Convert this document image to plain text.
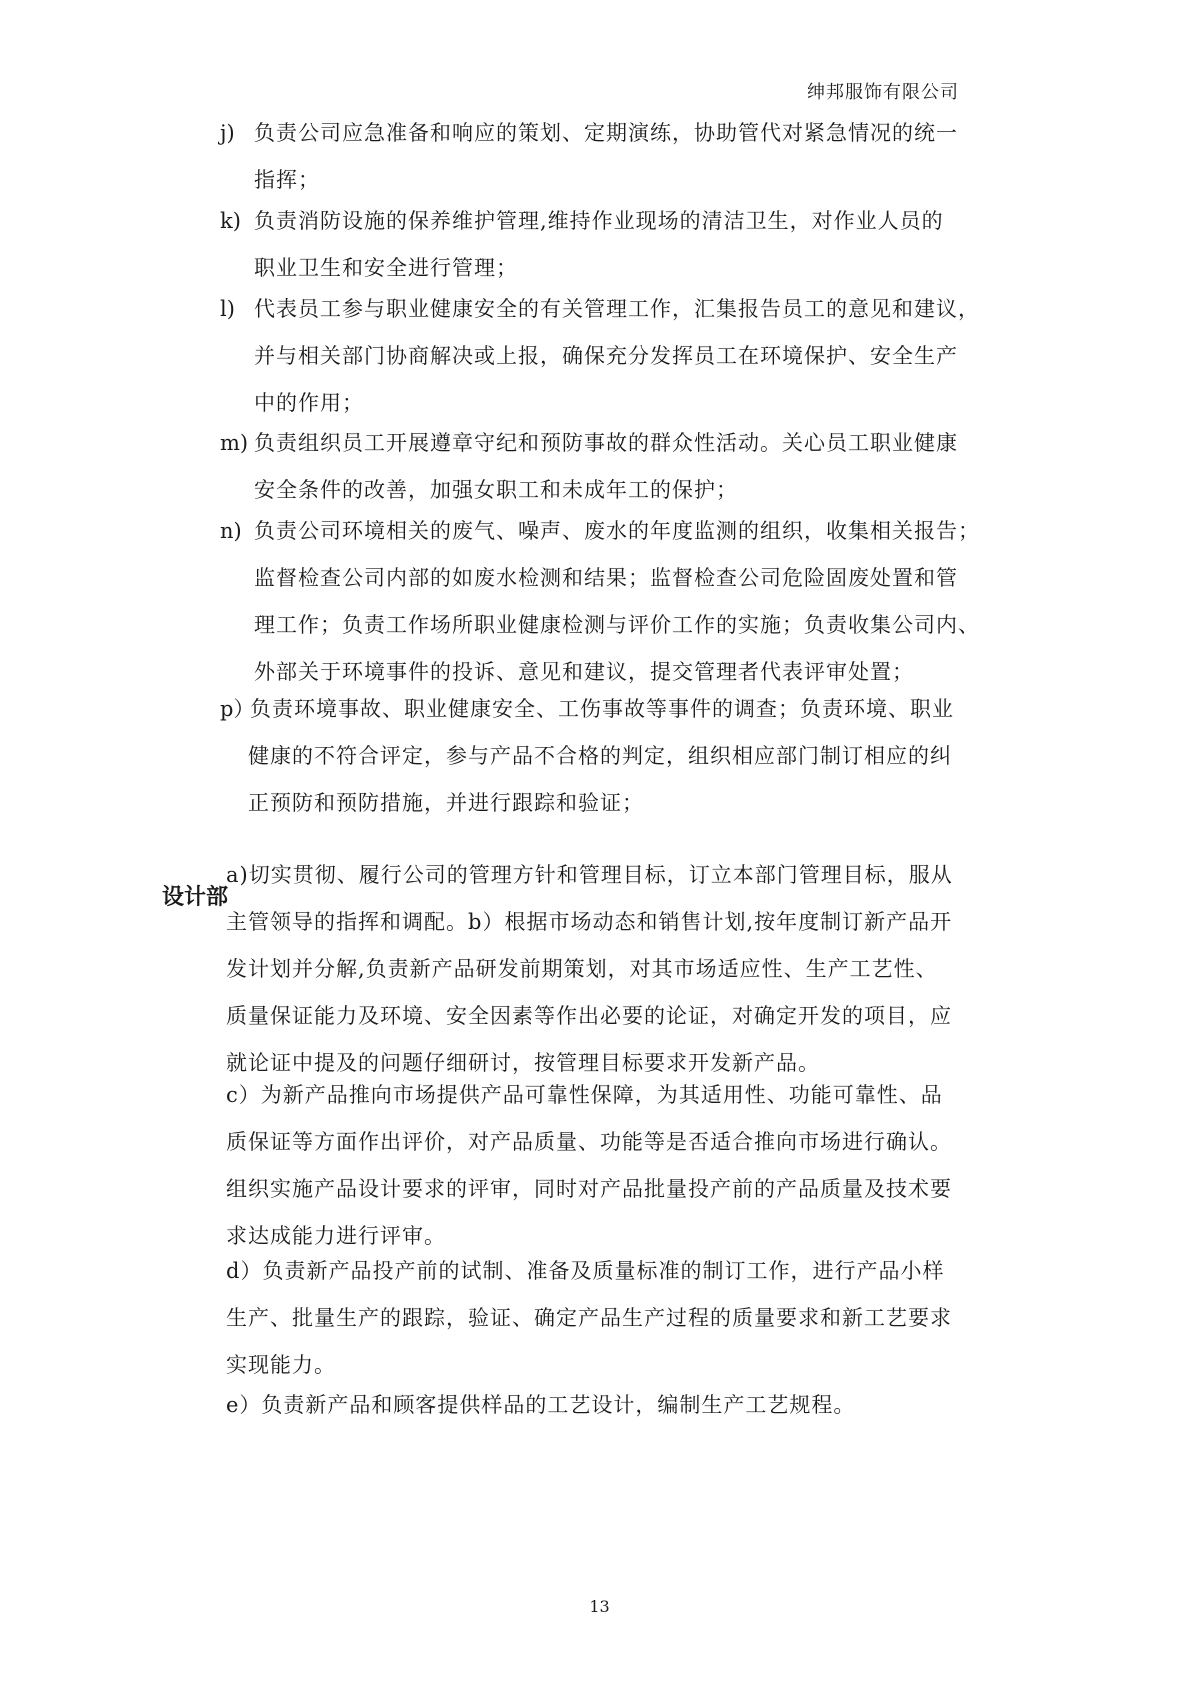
绅邦服饰有限公司
j) 负责公司应急准备和响应的策划、定期演练，协助管代对紧急情况的统一
指挥；
k) 负责消防设施的保养维护管理,维持作业现场的清洁卫生，对作业人员的
职业卫生和安全进行管理；
l) 代表员工参与职业健康安全的有关管理工作，汇集报告员工的意见和建议，
并与相关部门协商解决或上报，确保充分发挥员工在环境保护、安全生产
中的作用；
m) 负责组织员工开展遵章守纪和预防事故的群众性活动。关心员工职业健康
安全条件的改善，加强女职工和未成年工的保护；
n) 负责公司环境相关的废气、噪声、废水的年度监测的组织，收集相关报告；
监督检查公司内部的如废水检测和结果；监督检查公司危险固废处置和管
理工作；负责工作场所职业健康检测与评价工作的实施；负责收集公司内、
外部关于环境事件的投诉、意见和建议，提交管理者代表评审处置；
p）
负责环境事故、职业健康安全、工伤事故等事件的调查；负责环境、职业
健康的不符合评定，参与产品不合格的判定，组织相应部门制订相应的纠
正预防和预防措施，并进行跟踪和验证；
设计部
a)切实贯彻、履行公司的管理方针和管理目标，订立本部门管理目标，服从
主管领导的指挥和调配。b）根据市场动态和销售计划,按年度制订新产品开
发计划并分解,负责新产品研发前期策划，对其市场适应性、生产工艺性、
质量保证能力及环境、安全因素等作出必要的论证，对确定开发的项目，应
就论证中提及的问题仔细研讨，按管理目标要求开发新产品。
c）为新产品推向市场提供产品可靠性保障，为其适用性、功能可靠性、品
质保证等方面作出评价，对产品质量、功能等是否适合推向市场进行确认。
组织实施产品设计要求的评审，同时对产品批量投产前的产品质量及技术要
求达成能力进行评审。
d）负责新产品投产前的试制、准备及质量标准的制订工作，进行产品小样
生产、批量生产的跟踪，验证、确定产品生产过程的质量要求和新工艺要求
实现能力。
e）负责新产品和顾客提供样品的工艺设计，编制生产工艺规程。
13
